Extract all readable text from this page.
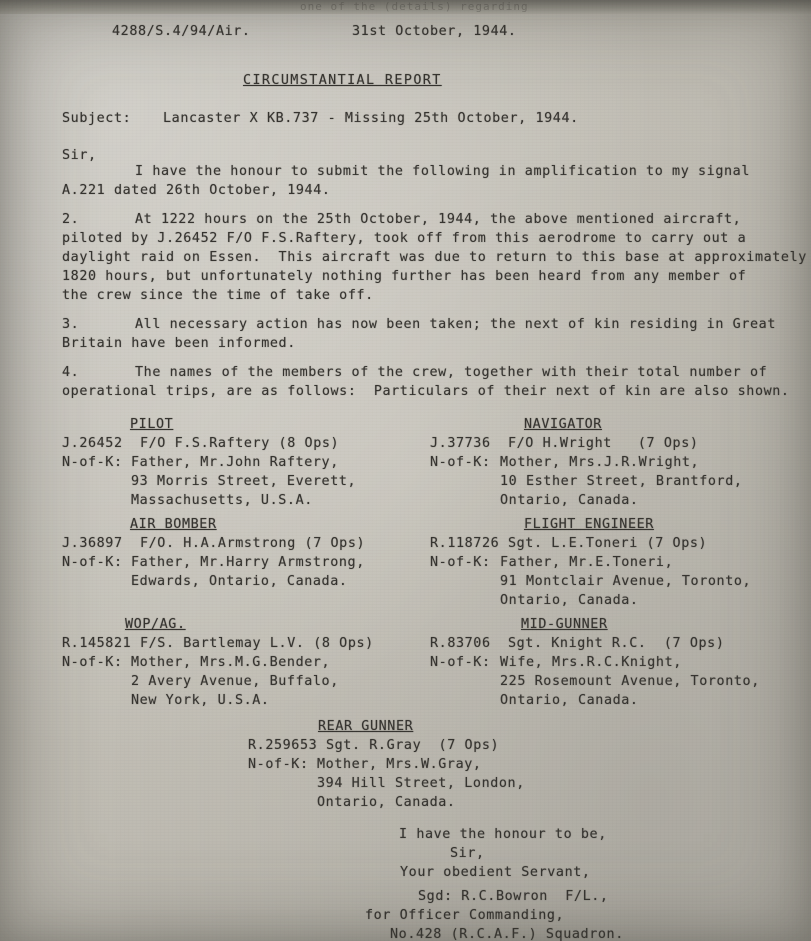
one of the (details) regarding
4288/S.4/94/Air.	31st October, 1944.
CIRCUMSTANTIAL REPORT
Subject: Lancaster X KB.737 - Missing 25th October, 1944.
Sir,
I have the honour to submit the following in amplification to my signal
A.221 dated 26th October, 1944.
2.	At 1222 hours on the 25th October, 1944, the above mentioned aircraft,
piloted by J.26452 F/O F.S.Raftery, took off from this aerodrome to carry out a
daylight raid on Essen.  This aircraft was due to return to this base at approximately
1820 hours, but unfortunately nothing further has been heard from any member of
the crew since the time of take off.
3.	All necessary action has now been taken; the next of kin residing in Great
Britain have been informed.
4.	The names of the members of the crew, together with their total number of
operational trips, are as follows:  Particulars of their next of kin are also shown.
PILOT
J.26452  F/O F.S.Raftery (8 Ops)
N-of-K: Father, Mr.John Raftery,
93 Morris Street, Everett,
Massachusetts, U.S.A.
NAVIGATOR
J.37736  F/O H.Wright   (7 Ops)
N-of-K: Mother, Mrs.J.R.Wright,
10 Esther Street, Brantford,
Ontario, Canada.
AIR BOMBER
J.36897  F/O. H.A.Armstrong (7 Ops)
N-of-K: Father, Mr.Harry Armstrong,
Edwards, Ontario, Canada.
FLIGHT ENGINEER
R.118726 Sgt. L.E.Toneri (7 Ops)
N-of-K: Father, Mr.E.Toneri,
91 Montclair Avenue, Toronto,
Ontario, Canada.
WOP/AG.
R.145821 F/S. Bartlemay L.V. (8 Ops)
N-of-K: Mother, Mrs.M.G.Bender,
2 Avery Avenue, Buffalo,
New York, U.S.A.
MID-GUNNER
R.83706  Sgt. Knight R.C.  (7 Ops)
N-of-K: Wife, Mrs.R.C.Knight,
225 Rosemount Avenue, Toronto,
Ontario, Canada.
REAR GUNNER
R.259653 Sgt. R.Gray  (7 Ops)
N-of-K: Mother, Mrs.W.Gray,
394 Hill Street, London,
Ontario, Canada.
I have the honour to be,
Sir,
Your obedient Servant,
Sgd: R.C.Bowron  F/L.,
for Officer Commanding,
No.428 (R.C.A.F.) Squadron.
